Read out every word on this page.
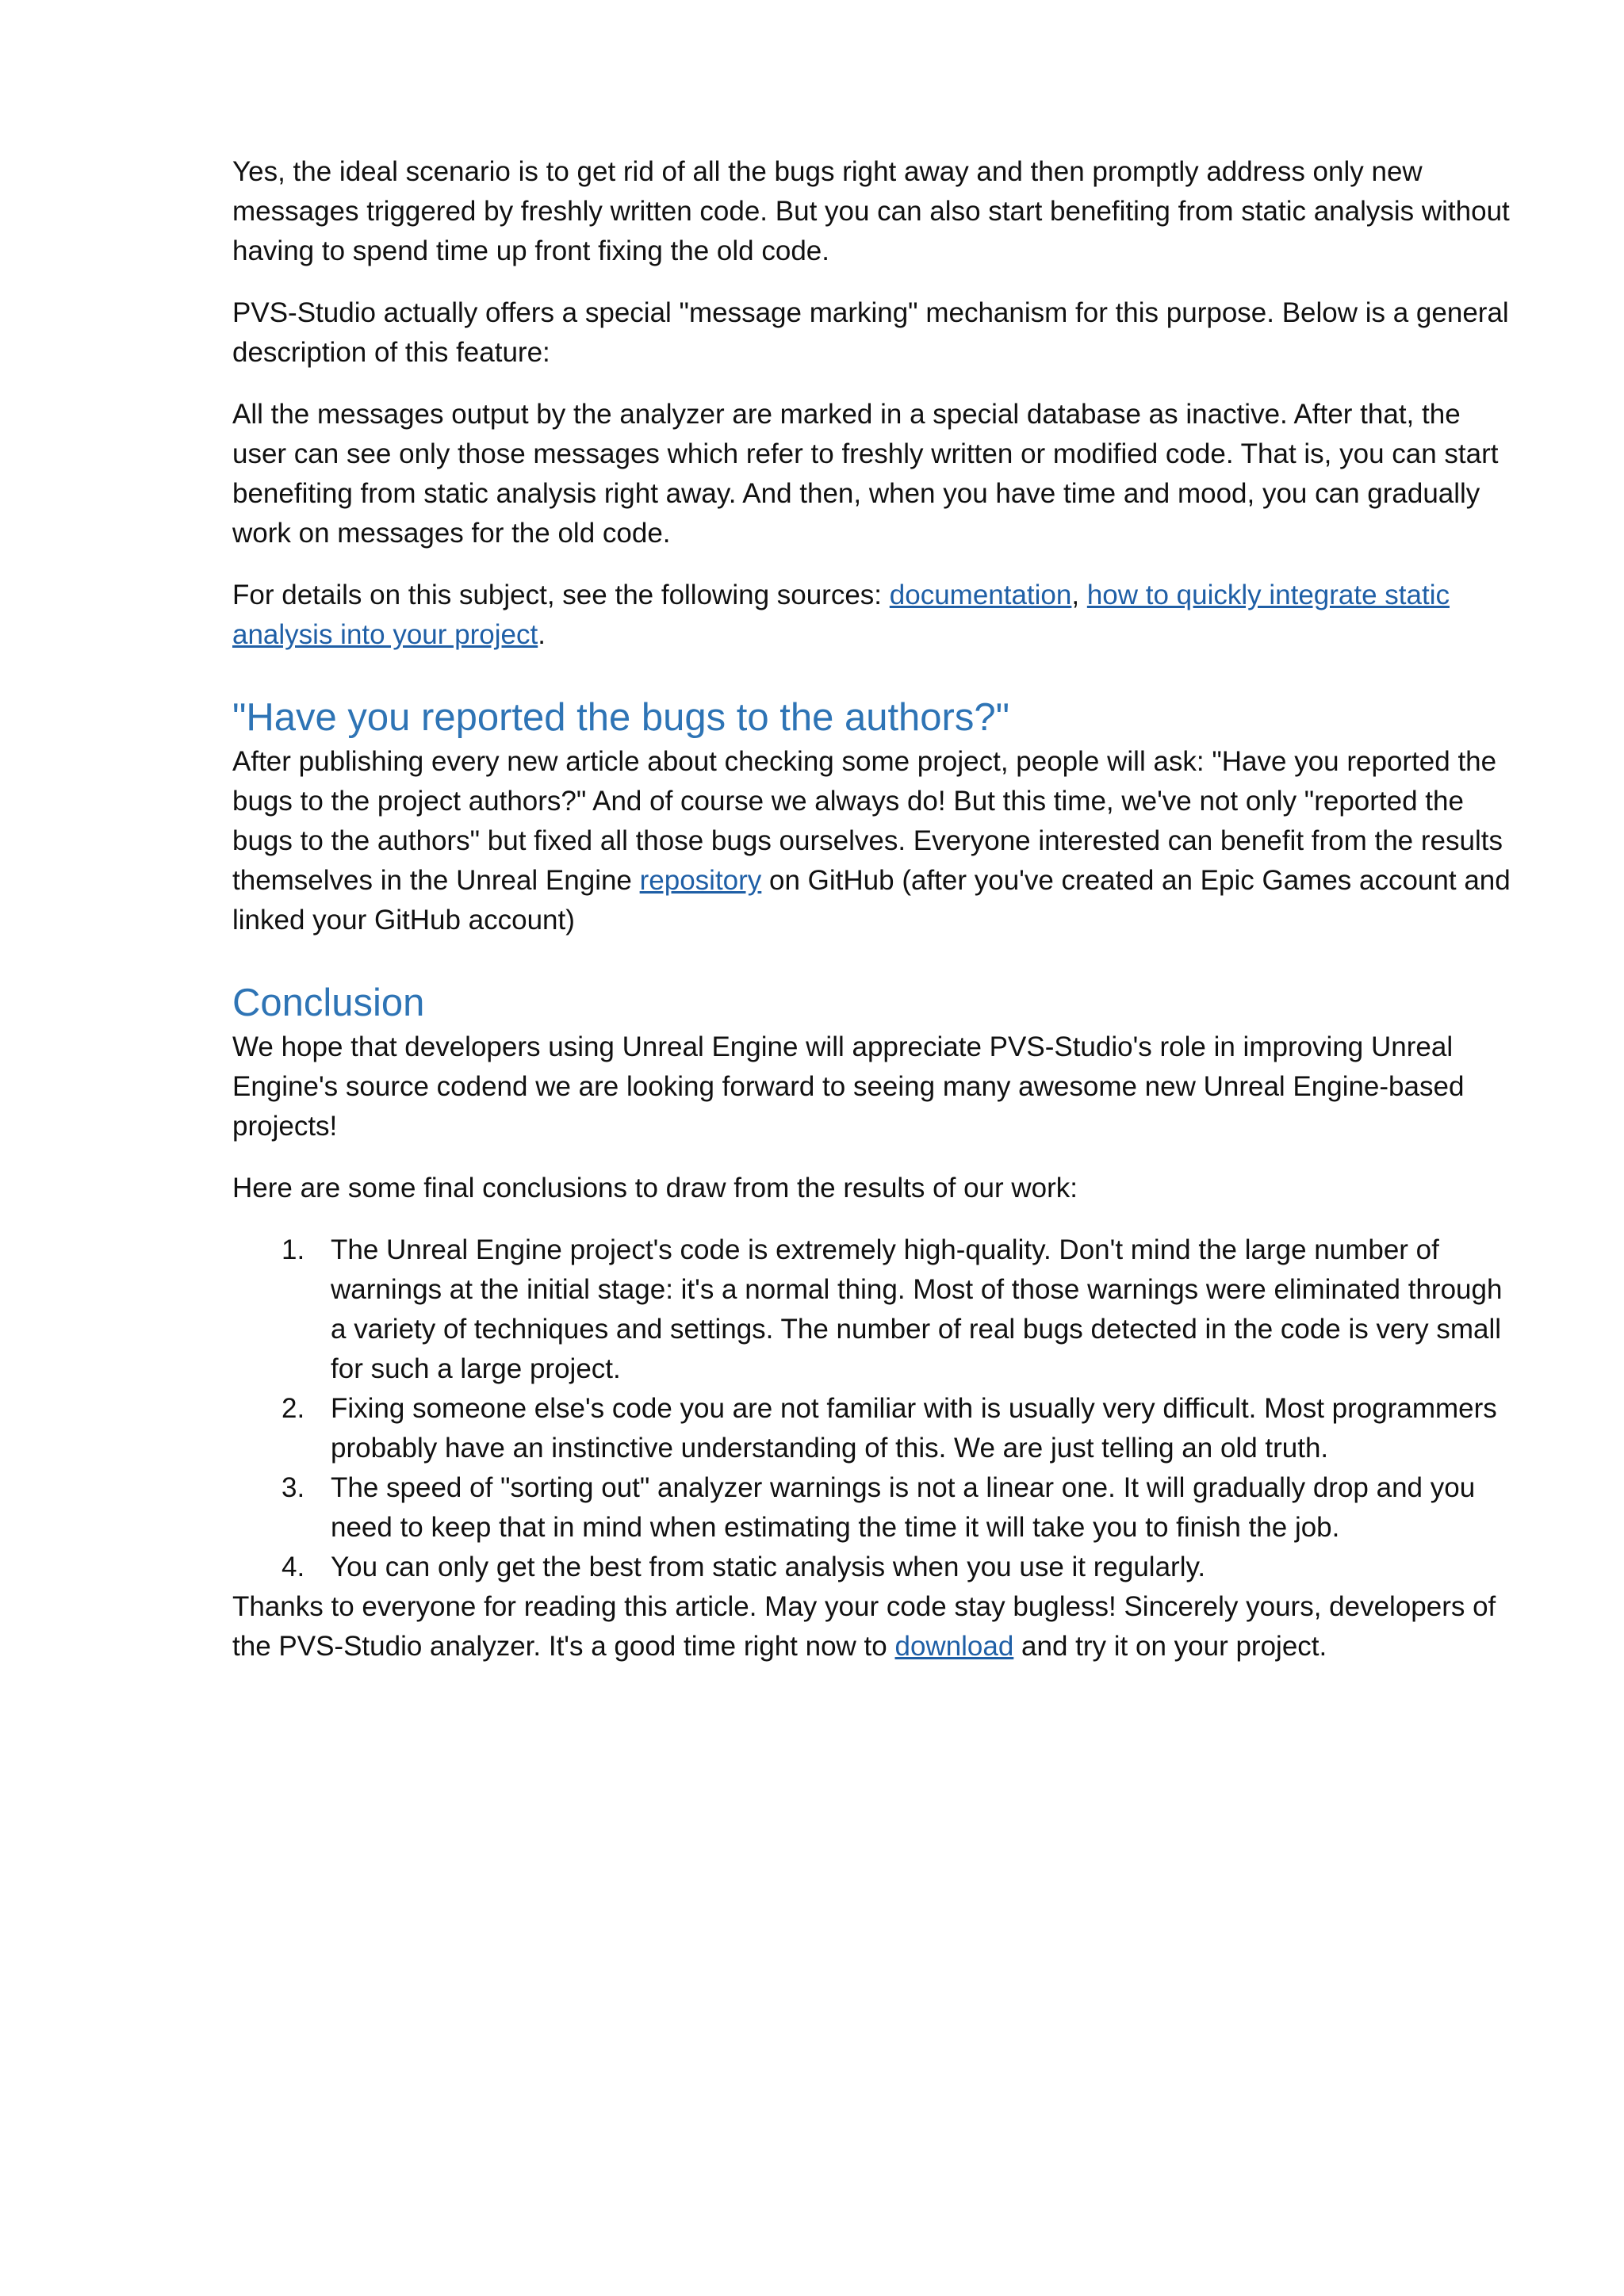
Yes, the ideal scenario is to get rid of all the bugs right away and then promptly address only new messages triggered by freshly written code. But you can also start benefiting from static analysis without having to spend time up front fixing the old code.

PVS-Studio actually offers a special "message marking" mechanism for this purpose. Below is a general description of this feature:

All the messages output by the analyzer are marked in a special database as inactive. After that, the user can see only those messages which refer to freshly written or modified code. That is, you can start benefiting from static analysis right away. And then, when you have time and mood, you can gradually work on messages for the old code.

For details on this subject, see the following sources: documentation, how to quickly integrate static analysis into your project.

"Have you reported the bugs to the authors?"

After publishing every new article about checking some project, people will ask: "Have you reported the bugs to the project authors?" And of course we always do! But this time, we've not only "reported the bugs to the authors" but fixed all those bugs ourselves. Everyone interested can benefit from the results themselves in the Unreal Engine repository on GitHub (after you've created an Epic Games account and linked your GitHub account)

Conclusion

We hope that developers using Unreal Engine will appreciate PVS-Studio's role in improving Unreal Engine's source codend we are looking forward to seeing many awesome new Unreal Engine-based projects!

Here are some final conclusions to draw from the results of our work:

1. The Unreal Engine project's code is extremely high-quality. Don't mind the large number of warnings at the initial stage: it's a normal thing. Most of those warnings were eliminated through a variety of techniques and settings. The number of real bugs detected in the code is very small for such a large project.
2. Fixing someone else's code you are not familiar with is usually very difficult. Most programmers probably have an instinctive understanding of this. We are just telling an old truth.
3. The speed of "sorting out" analyzer warnings is not a linear one. It will gradually drop and you need to keep that in mind when estimating the time it will take you to finish the job.
4. You can only get the best from static analysis when you use it regularly.

Thanks to everyone for reading this article. May your code stay bugless! Sincerely yours, developers of the PVS-Studio analyzer. It's a good time right now to download and try it on your project.
